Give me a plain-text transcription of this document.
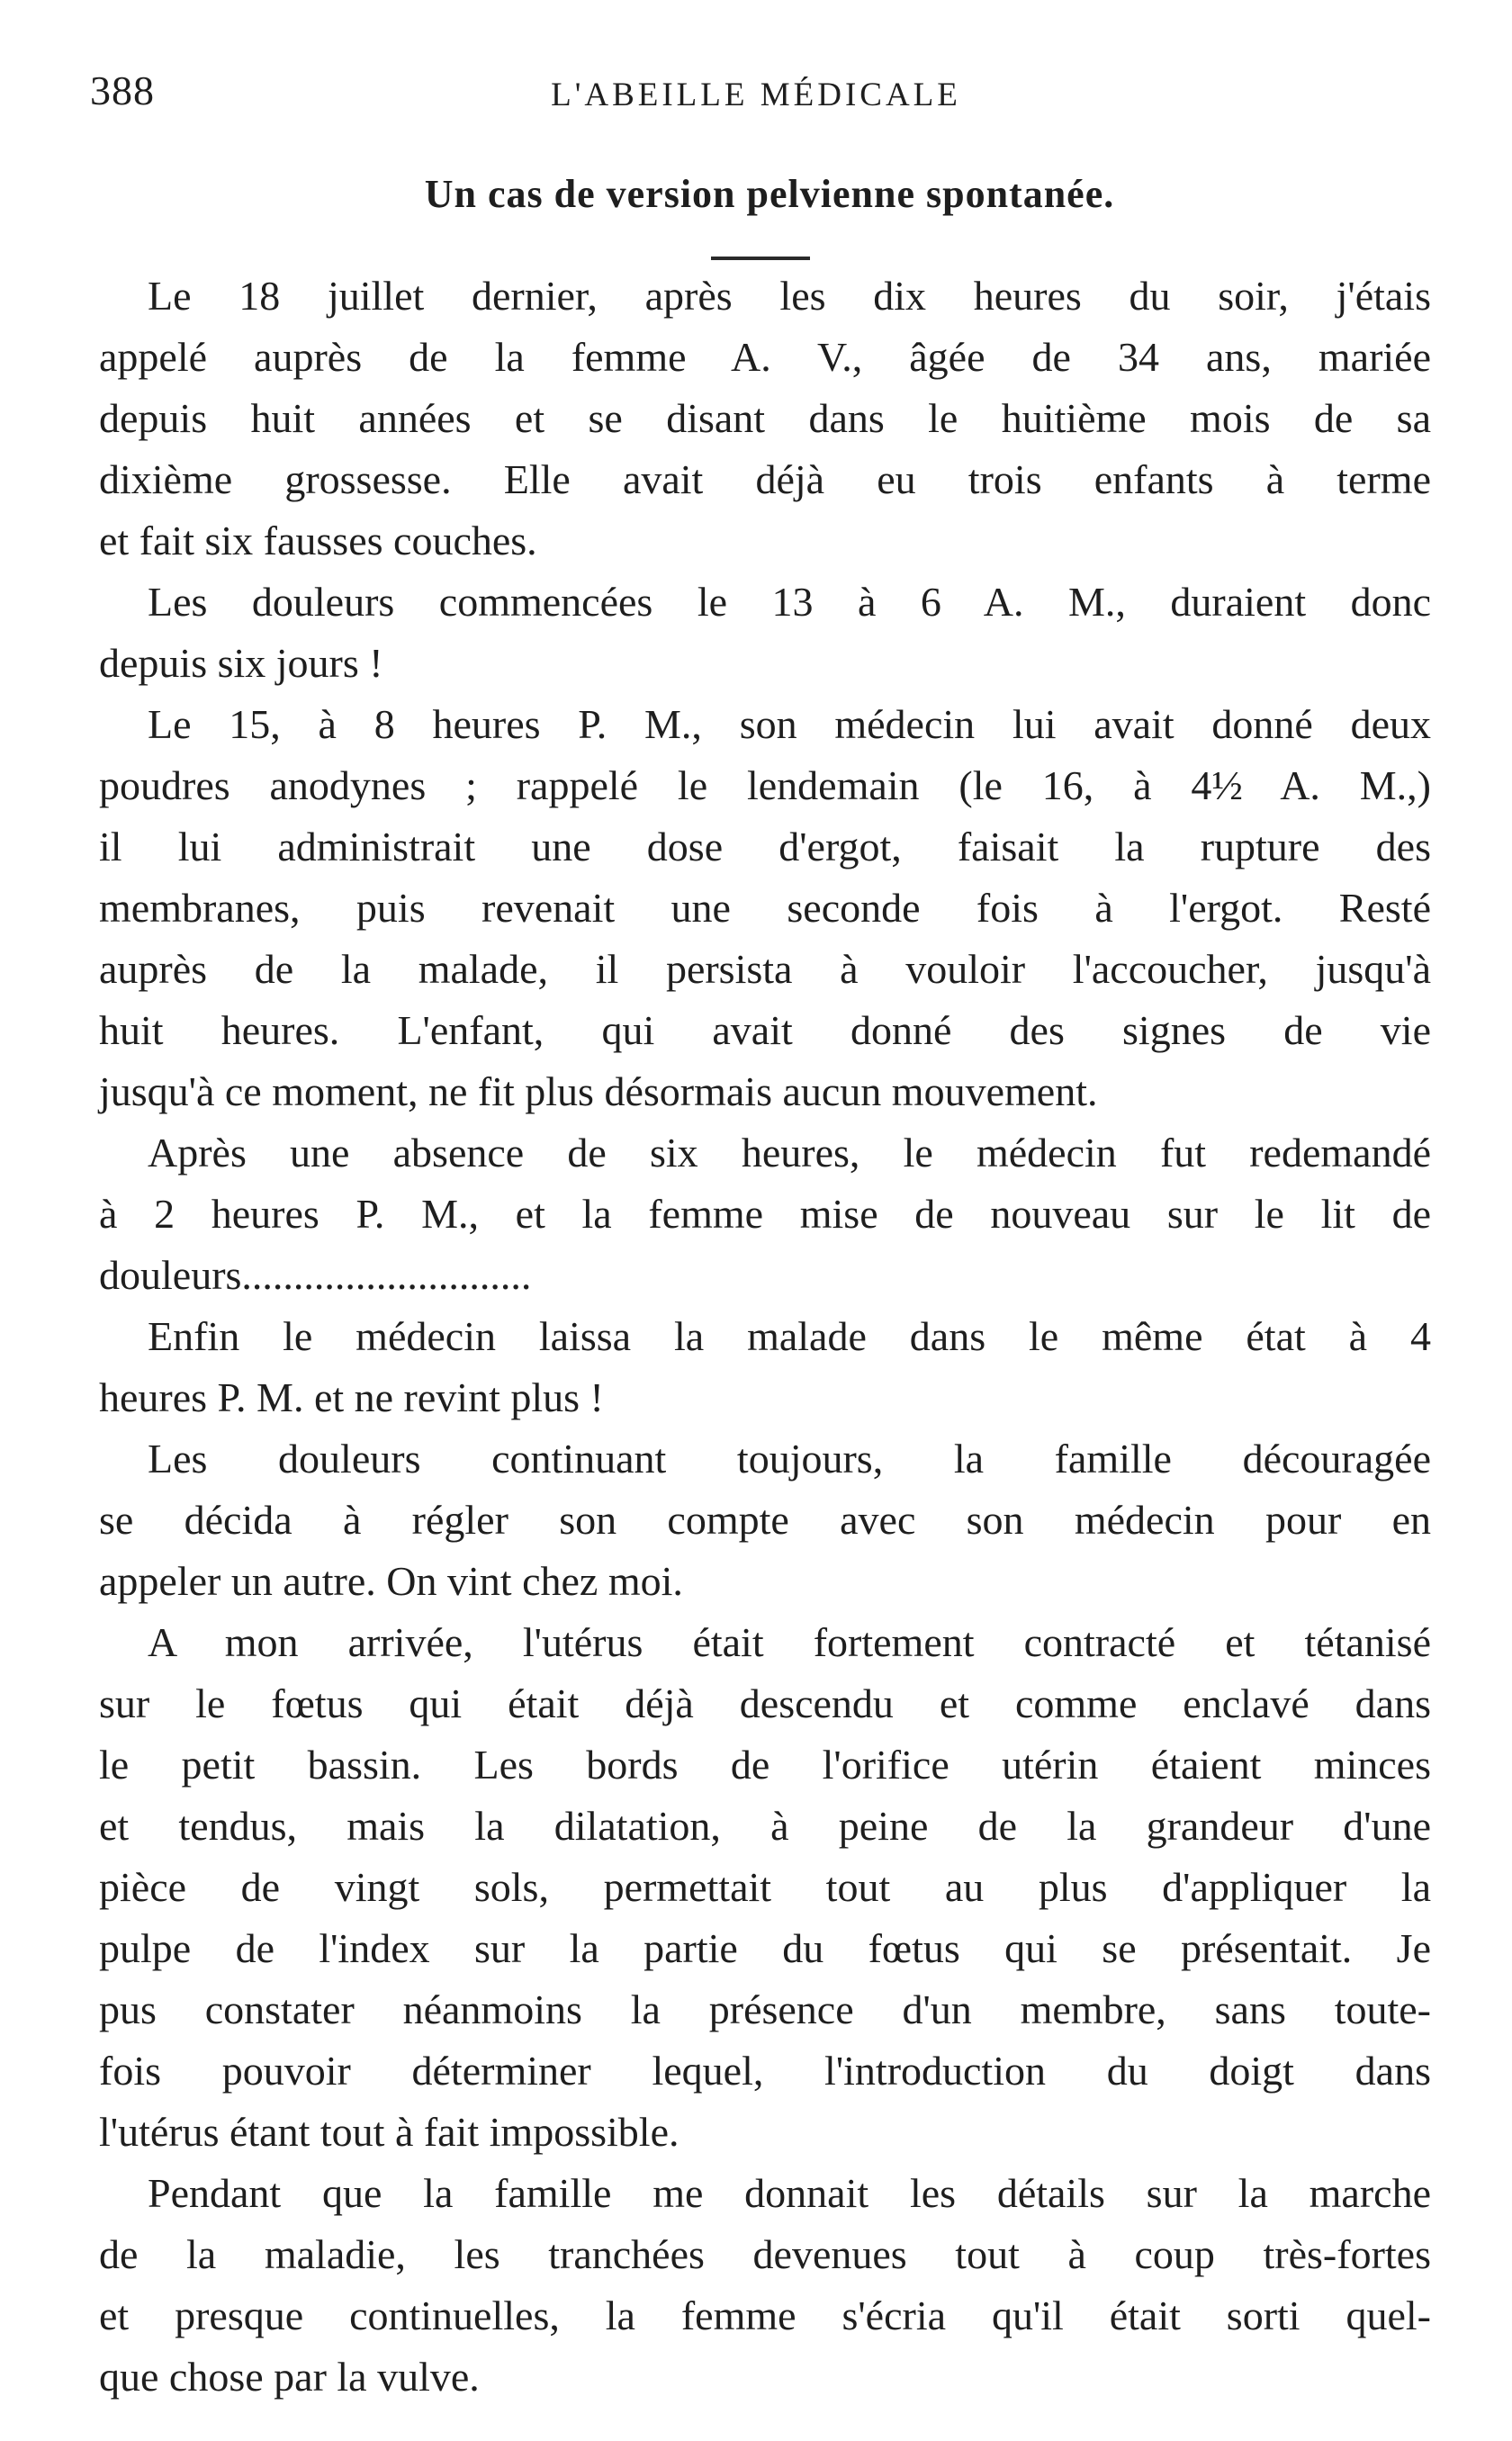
388	L'ABEILLE MÉDICALE
Un cas de version pelvienne spontanée.
Le 18 juillet dernier, après les dix heures du soir, j'étais
appelé auprès de la femme A. V., âgée de 34 ans, mariée
depuis huit années et se disant dans le huitième mois de sa
dixième grossesse. Elle avait déjà eu trois enfants à terme
et fait six fausses couches.
Les douleurs commencées le 13 à 6 A. M., duraient donc
depuis six jours !
Le 15, à 8 heures P. M., son médecin lui avait donné deux
poudres anodynes ; rappelé le lendemain (le 16, à 4½ A. M.,)
il lui administrait une dose d'ergot, faisait la rupture des
membranes, puis revenait une seconde fois à l'ergot. Resté
auprès de la malade, il persista à vouloir l'accoucher, jusqu'à
huit heures. L'enfant, qui avait donné des signes de vie
jusqu'à ce moment, ne fit plus désormais aucun mouvement.
Après une absence de six heures, le médecin fut redemandé
à 2 heures P. M., et la femme mise de nouveau sur le lit de
douleurs............................
Enfin le médecin laissa la malade dans le même état à 4
heures P. M. et ne revint plus !
Les douleurs continuant toujours, la famille découragée
se décida à régler son compte avec son médecin pour en
appeler un autre. On vint chez moi.
A mon arrivée, l'utérus était fortement contracté et tétanisé
sur le fœtus qui était déjà descendu et comme enclavé dans
le petit bassin. Les bords de l'orifice utérin étaient minces
et tendus, mais la dilatation, à peine de la grandeur d'une
pièce de vingt sols, permettait tout au plus d'appliquer la
pulpe de l'index sur la partie du fœtus qui se présentait. Je
pus constater néanmoins la présence d'un membre, sans toute-
fois pouvoir déterminer lequel, l'introduction du doigt dans
l'utérus étant tout à fait impossible.
Pendant que la famille me donnait les détails sur la marche
de la maladie, les tranchées devenues tout à coup très-fortes
et presque continuelles, la femme s'écria qu'il était sorti quel-
que chose par la vulve.
